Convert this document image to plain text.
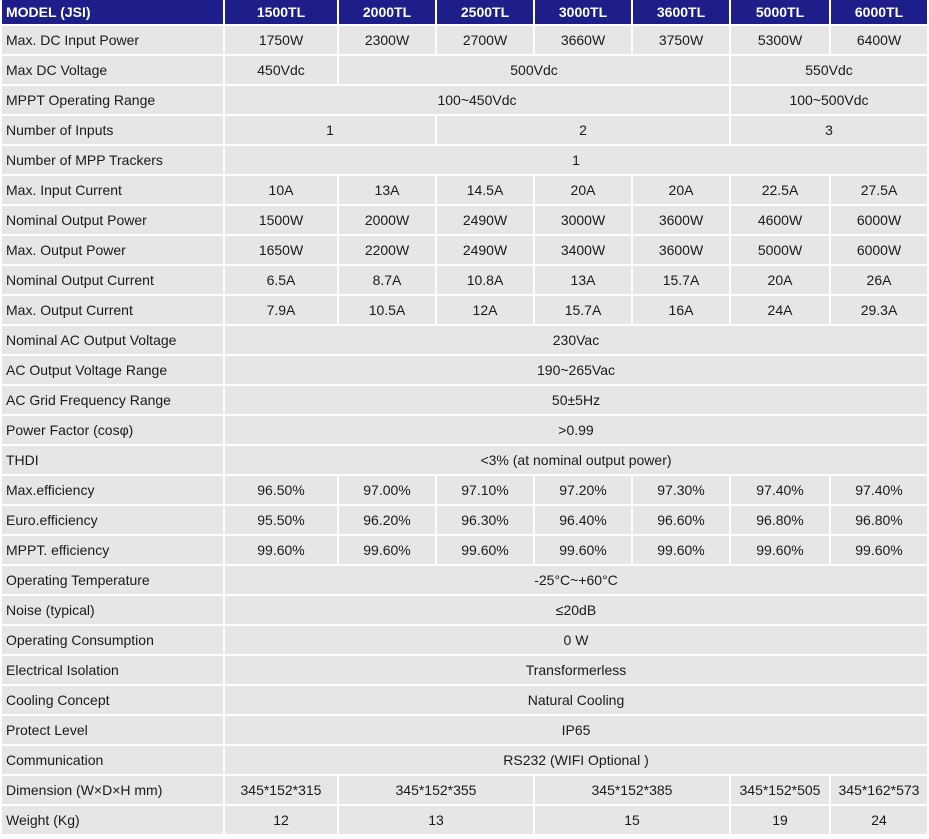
MODEL (JSI)	1500TL	2000TL	2500TL	3000TL	3600TL	5000TL	6000TL
Max. DC Input Power	1750W	2300W	2700W	3660W	3750W	5300W	6400W
Max DC Voltage	450Vdc	500Vdc				550Vdc	
MPPT Operating Range	100~450Vdc					100~500Vdc	
Number of Inputs	1		2			3	
Number of MPP Trackers	1						
Max. Input Current	10A	13A	14.5A	20A	20A	22.5A	27.5A
Nominal Output Power	1500W	2000W	2490W	3000W	3600W	4600W	6000W
Max. Output Power	1650W	2200W	2490W	3400W	3600W	5000W	6000W
Nominal Output Current	6.5A	8.7A	10.8A	13A	15.7A	20A	26A
Max. Output Current	7.9A	10.5A	12A	15.7A	16A	24A	29.3A
Nominal AC Output Voltage	230Vac						
AC Output Voltage Range	190~265Vac						
AC Grid Frequency Range	50±5Hz						
Power Factor (cosφ)	>0.99						
THDI	<3% (at nominal output power)						
Max.efficiency	96.50%	97.00%	97.10%	97.20%	97.30%	97.40%	97.40%
Euro.efficiency	95.50%	96.20%	96.30%	96.40%	96.60%	96.80%	96.80%
MPPT. efficiency	99.60%	99.60%	99.60%	99.60%	99.60%	99.60%	99.60%
Operating Temperature	-25°C~+60°C						
Noise (typical)	≤20dB						
Operating Consumption	0 W						
Electrical Isolation	Transformerless						
Cooling Concept	Natural Cooling						
Protect Level	IP65						
Communication	RS232 (WIFI Optional )						
Dimension (W×D×H mm)	345*152*315	345*152*355		345*152*385		345*152*505	345*162*573
Weight (Kg)	12	13		15		19	24
